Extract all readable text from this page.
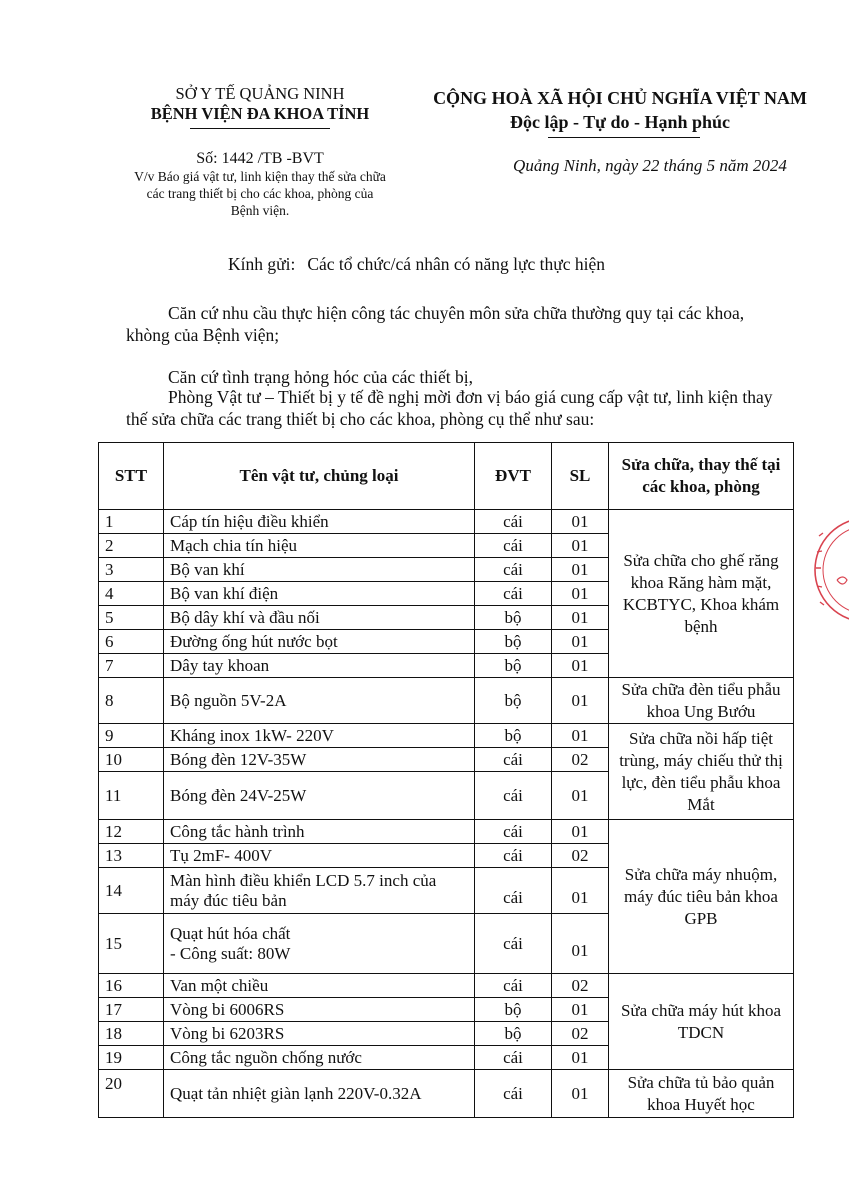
SỞ Y TẾ QUẢNG NINH
BỆNH VIỆN ĐA KHOA TỈNH
CỘNG HOÀ XÃ HỘI CHỦ NGHĨA VIỆT NAM
Độc lập - Tự do - Hạnh phúc
Số: 1442 /TB -BVT
V/v Báo giá vật tư, linh kiện thay thế sửa chữa
các trang thiết bị cho các khoa, phòng của
Bệnh viện.
Quảng Ninh, ngày 22 tháng 5 năm 2024
Kính gửi: Các tổ chức/cá nhân có năng lực thực hiện
Căn cứ nhu cầu thực hiện công tác chuyên môn sửa chữa thường quy tại các khoa, khòng của Bệnh viện;
Căn cứ tình trạng hỏng hóc của các thiết bị,
Phòng Vật tư – Thiết bị y tế đề nghị mời đơn vị báo giá cung cấp vật tư, linh kiện thay thế sửa chữa các trang thiết bị cho các khoa, phòng cụ thể như sau:
STT	Tên vật tư, chủng loại	ĐVT	SL	Sửa chữa, thay thế tại các khoa, phòng
1	Cáp tín hiệu điều khiển	cái	01	Sửa chữa cho ghế răng khoa Răng hàm mặt, KCBTYC, Khoa khám bệnh
2	Mạch chia tín hiệu	cái	01	
3	Bộ van khí	cái	01	
4	Bộ van khí điện	cái	01	
5	Bộ dây khí và đầu nối	bộ	01	
6	Đường ống hút nước bọt	bộ	01	
7	Dây tay khoan	bộ	01	
8	Bộ nguồn 5V-2A	bộ	01	Sửa chữa đèn tiểu phẫu khoa Ung Bướu
9	Kháng inox 1kW- 220V	bộ	01	Sửa chữa nồi hấp tiệt trùng, máy chiếu thử thị lực, đèn tiểu phẫu khoa Mắt
10	Bóng đèn 12V-35W	cái	02	
11	Bóng đèn 24V-25W	cái	01	
12	Công tắc hành trình	cái	01	Sửa chữa máy nhuộm, máy đúc tiêu bản khoa GPB
13	Tụ 2mF- 400V	cái	02	
14	Màn hình điều khiển LCD 5.7 inch của máy đúc tiêu bản	cái	01	
15	Quạt hút hóa chất
- Công suất: 80W	cái	01	
16	Van một chiều	cái	02	Sửa chữa máy hút khoa TDCN
17	Vòng bi 6006RS	bộ	01	
18	Vòng bi 6203RS	bộ	02	
19	Công tắc nguồn chống nước	cái	01	
20	Quạt tản nhiệt giàn lạnh 220V-0.32A	cái	01	Sửa chữa tủ bảo quản khoa Huyết học
